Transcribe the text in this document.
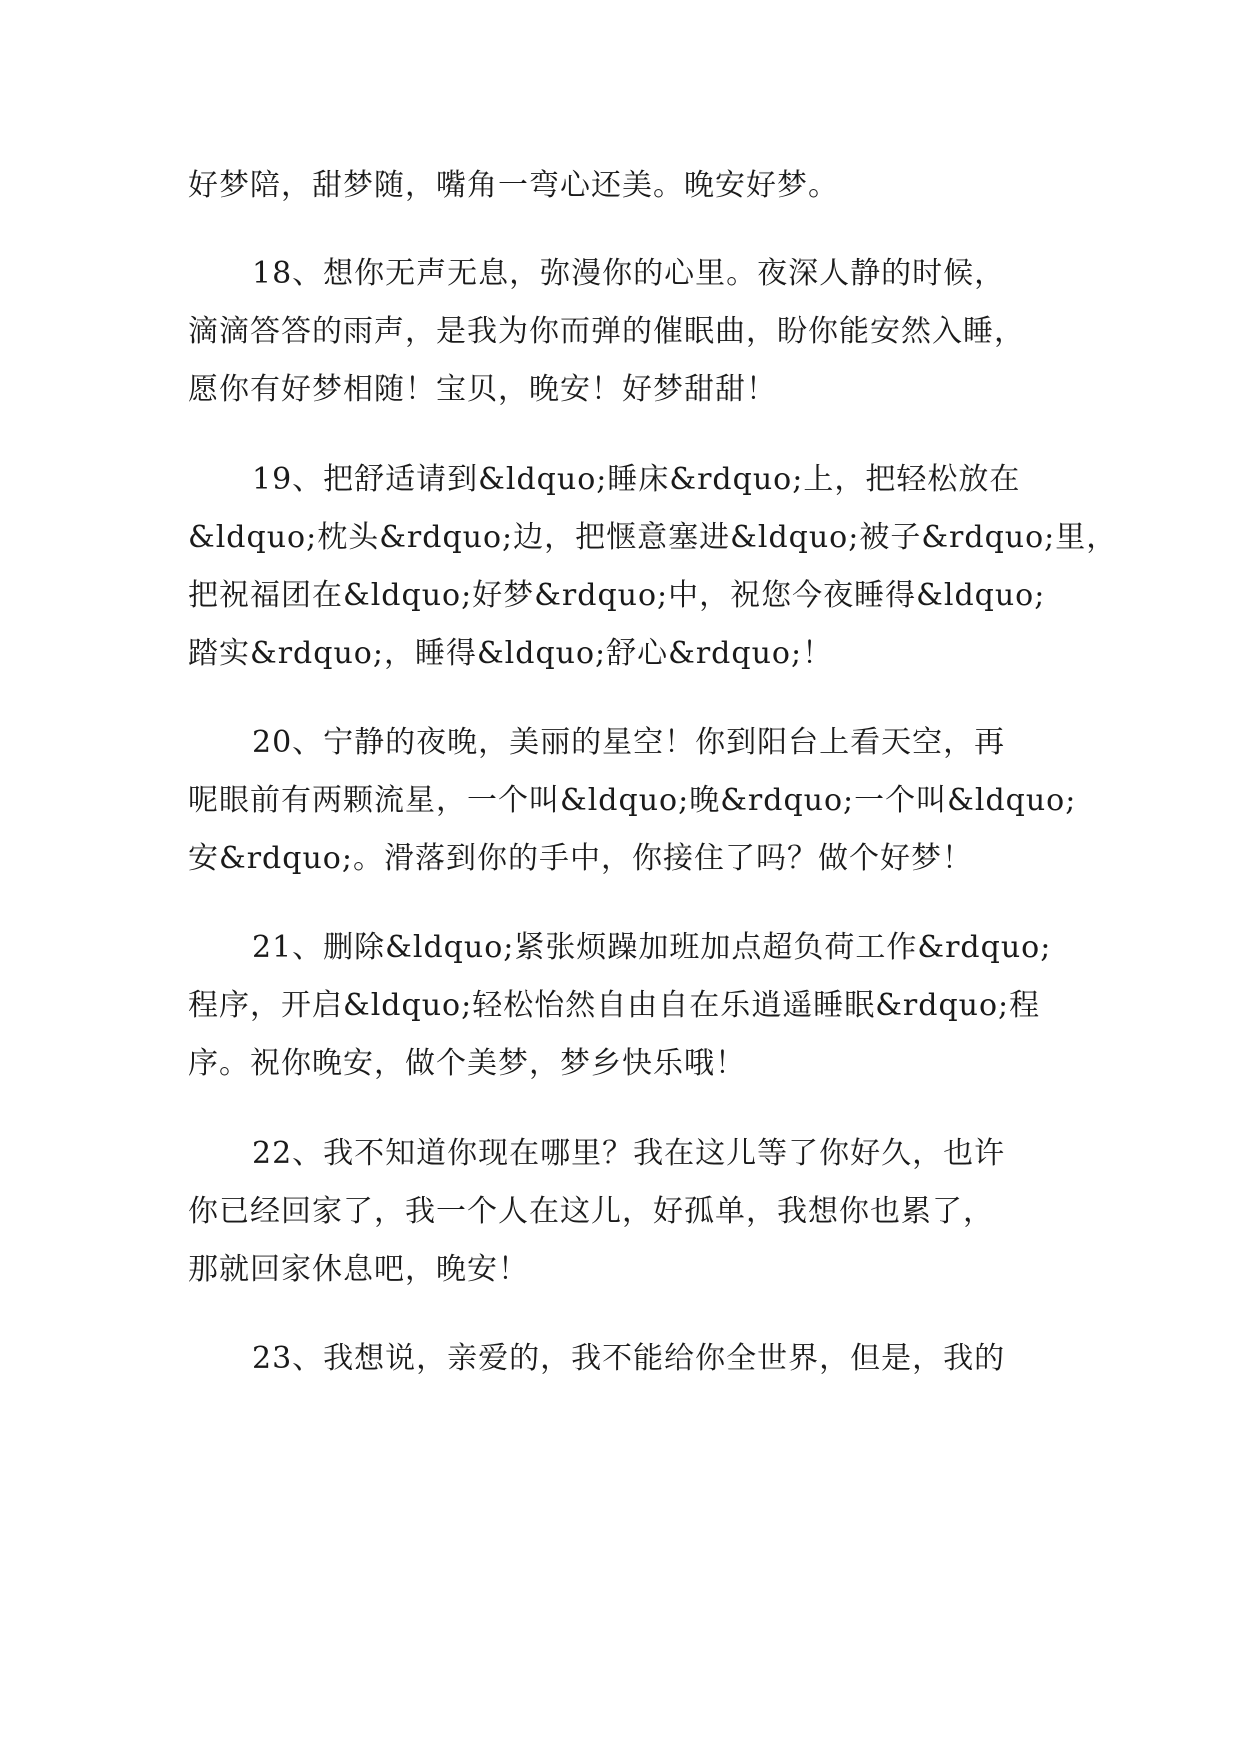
好梦陪，甜梦随，嘴角一弯心还美。晚安好梦。
18、想你无声无息，弥漫你的心里。夜深人静的时候，
滴滴答答的雨声，是我为你而弹的催眠曲，盼你能安然入睡，
愿你有好梦相随！宝贝，晚安！好梦甜甜！
19、把舒适请到&ldquo;睡床&rdquo;上，把轻松放在
&ldquo;枕头&rdquo;边，把惬意塞进&ldquo;被子&rdquo;里，
把祝福团在&ldquo;好梦&rdquo;中，祝您今夜睡得&ldquo;
踏实&rdquo;，睡得&ldquo;舒心&rdquo;！
20、宁静的夜晚，美丽的星空！你到阳台上看天空，再
呢眼前有两颗流星，一个叫&ldquo;晚&rdquo;一个叫&ldquo;
安&rdquo;。滑落到你的手中，你接住了吗？做个好梦！
21、删除&ldquo;紧张烦躁加班加点超负荷工作&rdquo;
程序，开启&ldquo;轻松怡然自由自在乐逍遥睡眠&rdquo;程
序。祝你晚安，做个美梦，梦乡快乐哦！
22、我不知道你现在哪里？我在这儿等了你好久，也许
你已经回家了，我一个人在这儿，好孤单，我想你也累了，
那就回家休息吧，晚安！
23、我想说，亲爱的，我不能给你全世界，但是，我的
